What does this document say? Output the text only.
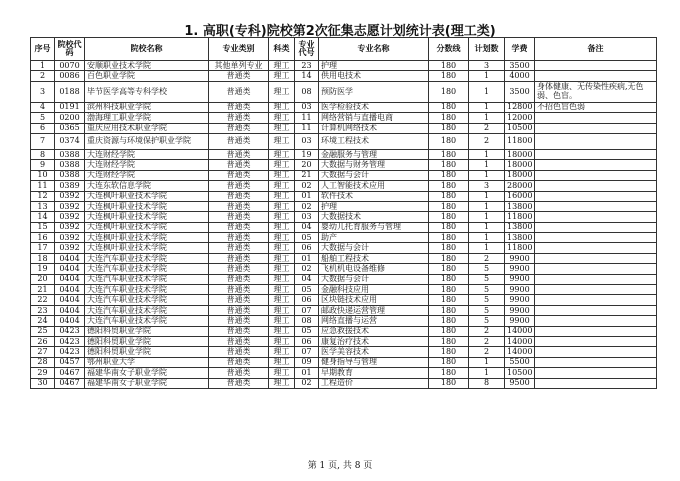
1. 高职(专科)院校第2次征集志愿计划统计表(理工类)
序号	院校代码	院校名称	专业类别	科类	专业代号	专业名称	分数线	计划数	学费	备注
1	0070	安顺职业技术学院	其他单列专业	理工	23	护理	180	3	3500	
2	0086	百色职业学院	普通类	理工	14	供用电技术	180	1	4000	
3	0188	毕节医学高等专科学校	普通类	理工	08	预防医学	180	1	3500	身体健康、无传染性疾病,无色弱、色盲。
4	0191	滨州科技职业学院	普通类	理工	03	医学检验技术	180	1	12800	不招色盲色弱
5	0200	渤海理工职业学院	普通类	理工	11	网络营销与直播电商	180	1	12000	
6	0365	重庆应用技术职业学院	普通类	理工	11	计算机网络技术	180	2	10500	
7	0374	重庆资源与环境保护职业学院	普通类	理工	03	环境工程技术	180	2	11800	
8	0388	大连财经学院	普通类	理工	19	金融服务与管理	180	1	18000	
9	0388	大连财经学院	普通类	理工	20	大数据与财务管理	180	1	18000	
10	0388	大连财经学院	普通类	理工	21	大数据与会计	180	1	18000	
11	0389	大连东软信息学院	普通类	理工	02	人工智能技术应用	180	3	28000	
12	0392	大连枫叶职业技术学院	普通类	理工	01	软件技术	180	1	16000	
13	0392	大连枫叶职业技术学院	普通类	理工	02	护理	180	1	13800	
14	0392	大连枫叶职业技术学院	普通类	理工	03	大数据技术	180	1	11800	
15	0392	大连枫叶职业技术学院	普通类	理工	04	婴幼儿托育服务与管理	180	1	13800	
16	0392	大连枫叶职业技术学院	普通类	理工	05	助产	180	1	13800	
17	0392	大连枫叶职业技术学院	普通类	理工	06	大数据与会计	180	1	11800	
18	0404	大连汽车职业技术学院	普通类	理工	01	船舶工程技术	180	2	9900	
19	0404	大连汽车职业技术学院	普通类	理工	02	飞机机电设备维修	180	5	9900	
20	0404	大连汽车职业技术学院	普通类	理工	04	大数据与会计	180	5	9900	
21	0404	大连汽车职业技术学院	普通类	理工	05	金融科技应用	180	5	9900	
22	0404	大连汽车职业技术学院	普通类	理工	06	区块链技术应用	180	5	9900	
23	0404	大连汽车职业技术学院	普通类	理工	07	邮政快递运营管理	180	5	9900	
24	0404	大连汽车职业技术学院	普通类	理工	08	网络直播与运营	180	5	9900	
25	0423	德阳科贸职业学院	普通类	理工	05	应急救援技术	180	2	14000	
26	0423	德阳科贸职业学院	普通类	理工	06	康复治疗技术	180	2	14000	
27	0423	德阳科贸职业学院	普通类	理工	07	医学美容技术	180	2	14000	
28	0457	鄂州职业大学	普通类	理工	09	健身指导与管理	180	1	5500	
29	0467	福建华南女子职业学院	普通类	理工	01	早期教育	180	1	10500	
30	0467	福建华南女子职业学院	普通类	理工	02	工程造价	180	8	9500	
第 1 页, 共 8 页
